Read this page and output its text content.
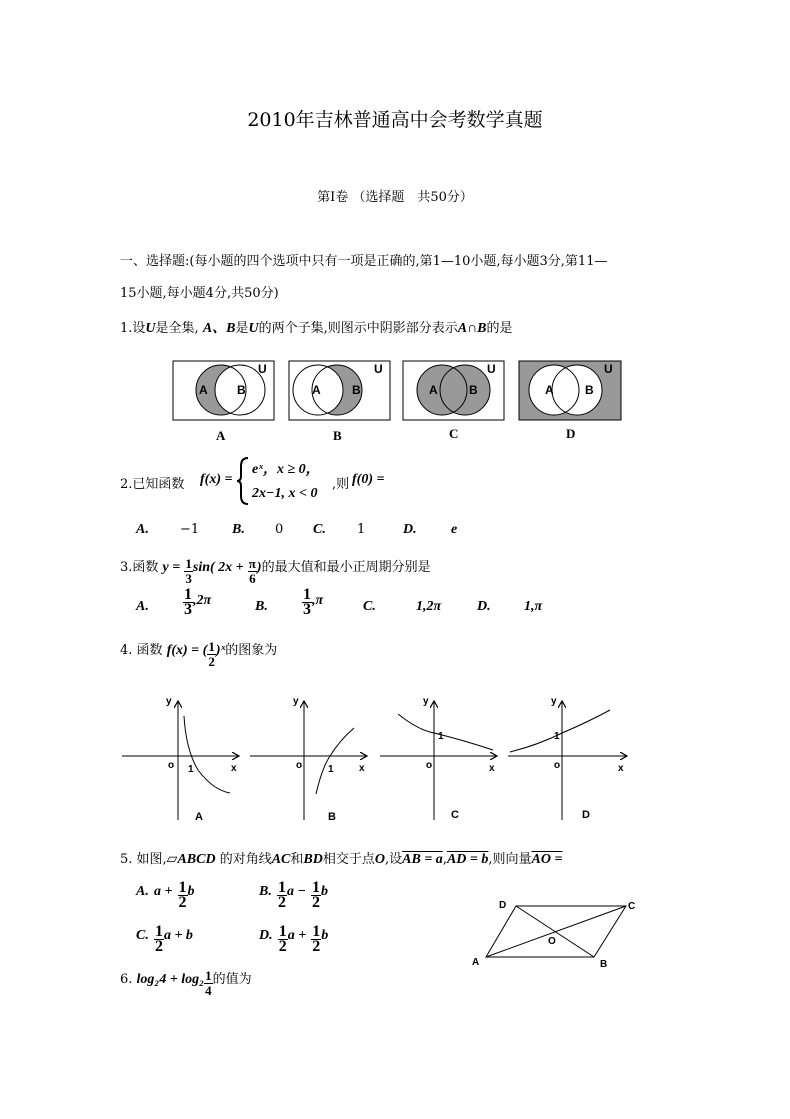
2010年吉林普通高中会考数学真题
第Ⅰ卷 （选择题　共50分）
一、选择题:(每小题的四个选项中只有一项是正确的,第1—10小题,每小题3分,第11—
15小题,每小题4分,共50分)
1.设U是全集, A、B是U的两个子集,则图示中阴影部分表示A∩B的是
A B
U
A	B
U
A	B
U
A	B
U
A	B	C	D
2.已知函数 f(x) =
eˣ，x ≥ 0，
2x−1, x < 0
,则 f(0) =
A. −1 B. 0 C. 1	D. e
3.函数 $y = \frac{1}{3} \sin$( $2x + \frac{\pi}{6}$ )的最大值和最小正周期分别是
A. $\frac{1}{3} ,2\pi$	B. $\frac{1}{3} ,\pi$	C.	1,2π	D. 1,π
4. 函数 f(x) = ( $\frac{1}{2}$ )ˣ的图象为
y
x
o 1
A
y
x
o	1
B
y
x
o
1
C
y
x
o
1
D
5. 如图,▱ABCD 的对角线AC和BD相交于点O,设AB = a,AD = b,则向量AO =
A. $a + \frac{1}{2}$ b	B. $\frac{1}{2}$ $a - \frac{1}{2}$ b
C. $\frac{1}{2}$ a + b	D. $\frac{1}{2}$ $a + \frac{1}{2}$ b
A	B
C
D
O
6. $\log_24 + \log_2 \frac{1}{4}$ 的值为
